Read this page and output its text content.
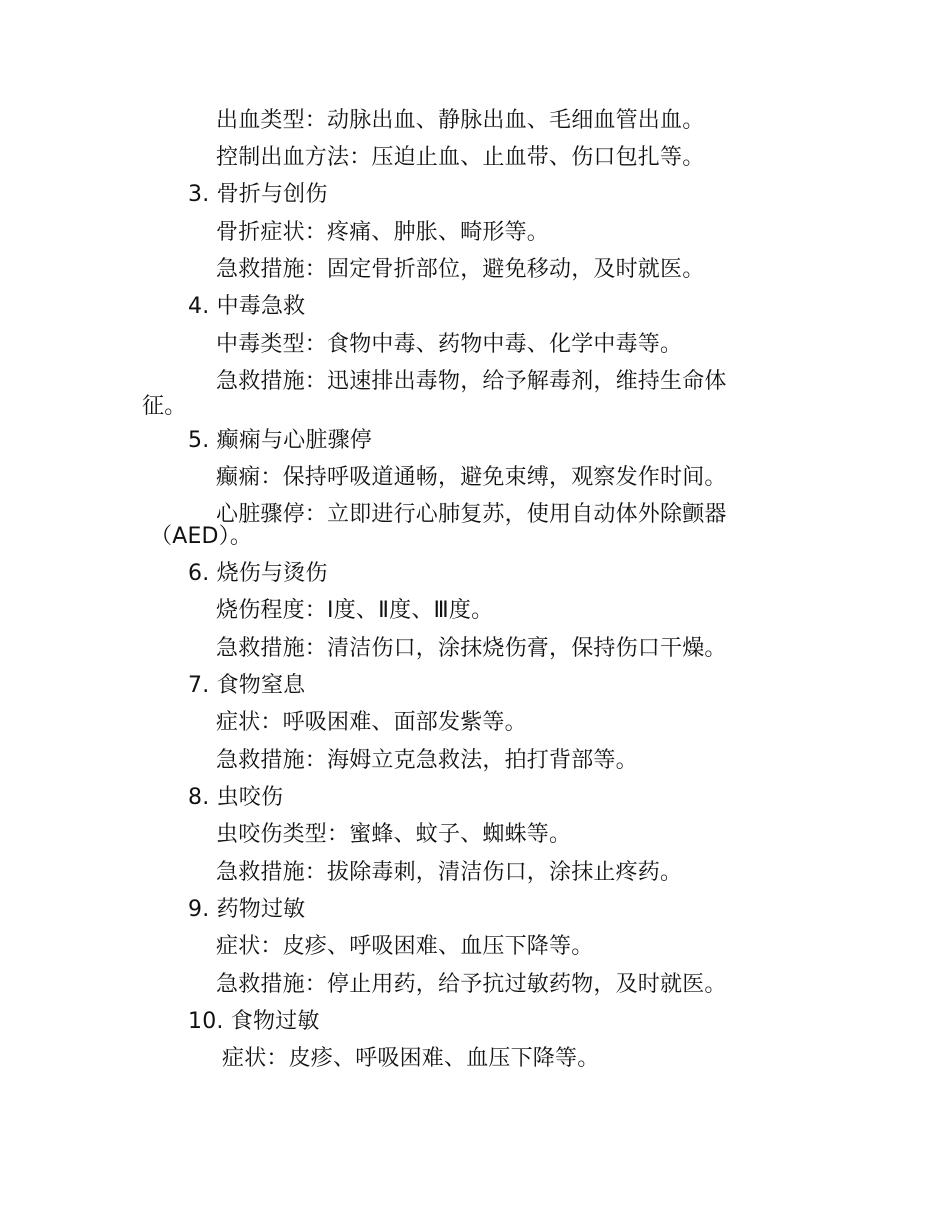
出血类型：动脉出血、静脉出血、毛细血管出血。
控制出血方法：压迫止血、止血带、伤口包扎等。
3. 骨折与创伤
骨折症状：疼痛、肿胀、畸形等。
急救措施：固定骨折部位，避免移动，及时就医。
4. 中毒急救
中毒类型：食物中毒、药物中毒、化学中毒等。
急救措施：迅速排出毒物，给予解毒剂，维持生命体
征。
5. 癫痫与心脏骤停
癫痫：保持呼吸道通畅，避免束缚，观察发作时间。
心脏骤停：立即进行心肺复苏，使用自动体外除颤器
（AED）。
6. 烧伤与烫伤
烧伤程度：Ⅰ度、Ⅱ度、Ⅲ度。
急救措施：清洁伤口，涂抹烧伤膏，保持伤口干燥。
7. 食物窒息
症状：呼吸困难、面部发紫等。
急救措施：海姆立克急救法，拍打背部等。
8. 虫咬伤
虫咬伤类型：蜜蜂、蚊子、蜘蛛等。
急救措施：拔除毒刺，清洁伤口，涂抹止疼药。
9. 药物过敏
症状：皮疹、呼吸困难、血压下降等。
急救措施：停止用药，给予抗过敏药物，及时就医。
10. 食物过敏
症状：皮疹、呼吸困难、血压下降等。
